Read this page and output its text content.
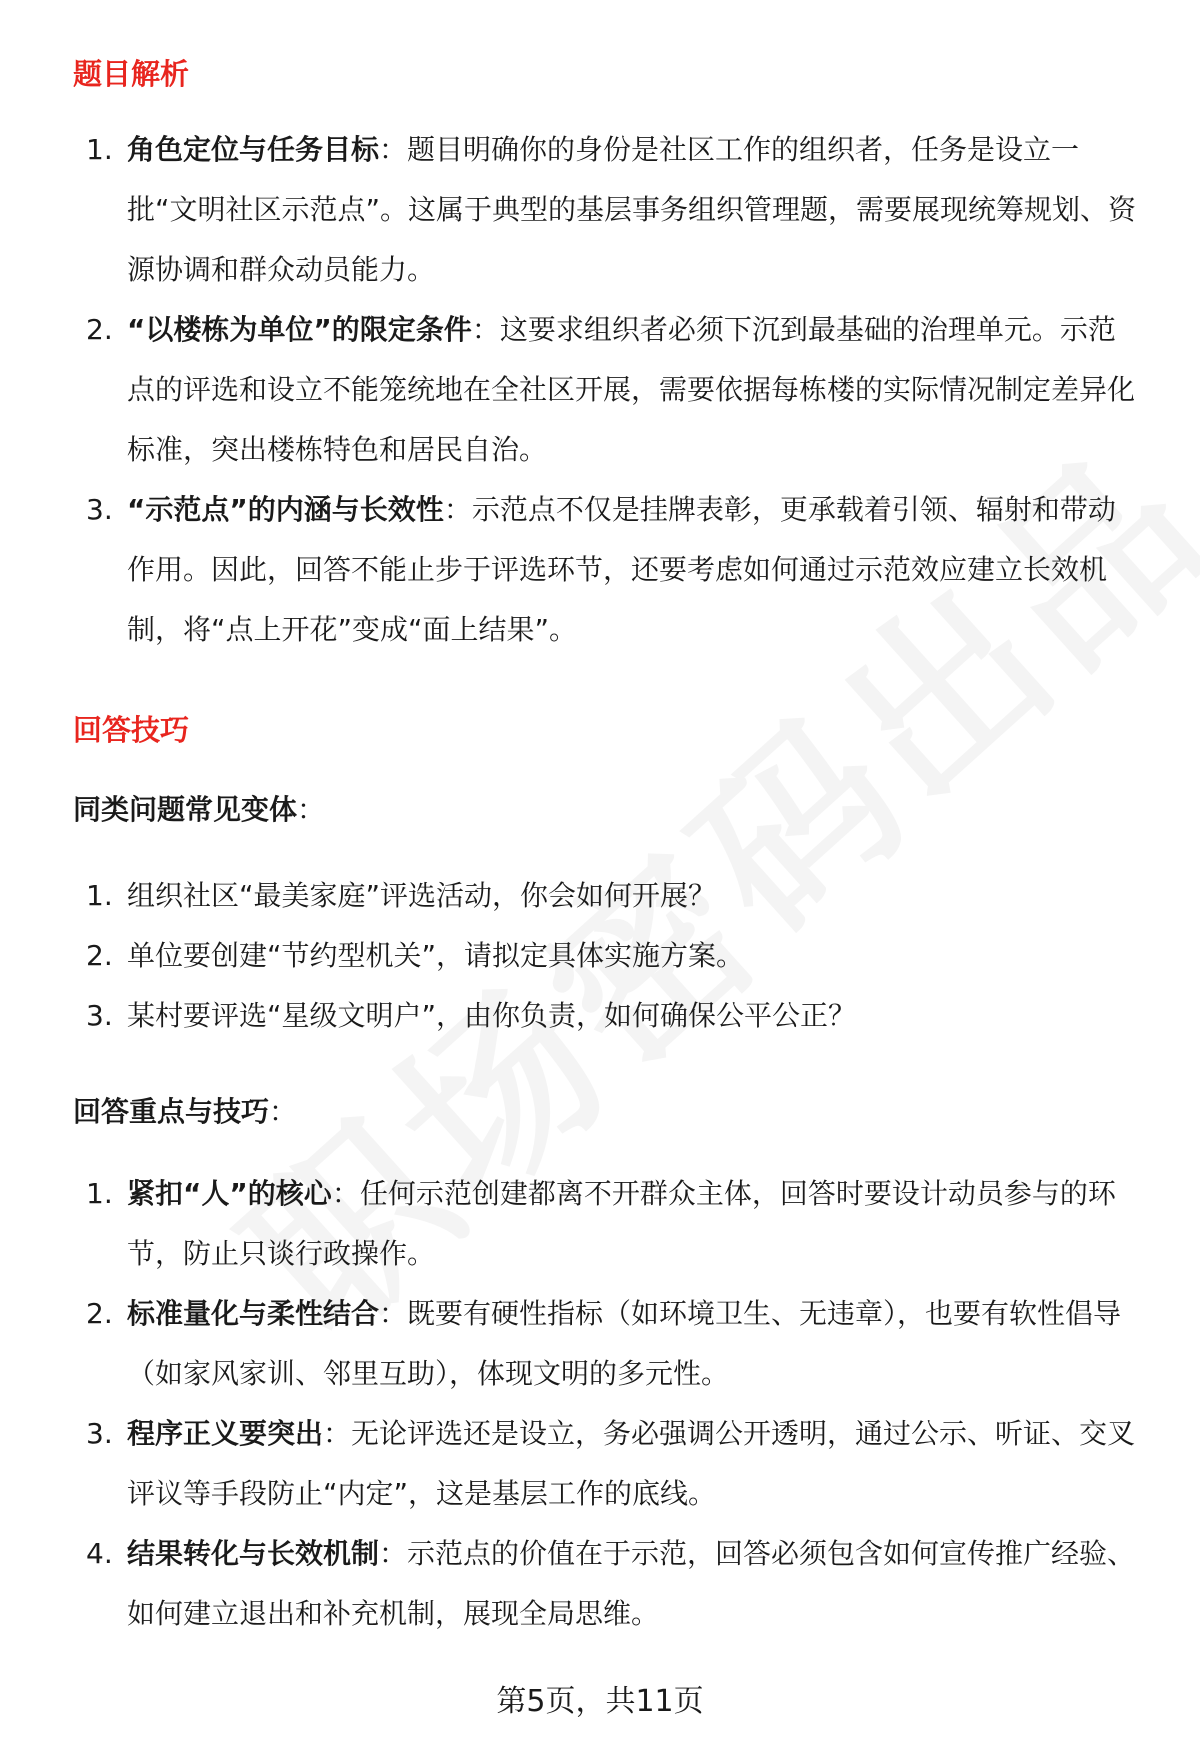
题目解析
1. 角色定位与任务目标：题目明确你的身份是社区工作的组织者，任务是设立一批“文明社区示范点”。这属于典型的基层事务组织管理题，需要展现统筹规划、资源协调和群众动员能力。
2. “以楼栋为单位”的限定条件：这要求组织者必须下沉到最基础的治理单元。示范点的评选和设立不能笼统地在全社区开展，需要依据每栋楼的实际情况制定差异化标准，突出楼栋特色和居民自治。
3. “示范点”的内涵与长效性：示范点不仅是挂牌表彰，更承载着引领、辐射和带动作用。因此，回答不能止步于评选环节，还要考虑如何通过示范效应建立长效机制，将“点上开花”变成“面上结果”。
回答技巧
同类问题常见变体：
1. 组织社区“最美家庭”评选活动，你会如何开展？
2. 单位要创建“节约型机关”，请拟定具体实施方案。
3. 某村要评选“星级文明户”，由你负责，如何确保公平公正？
回答重点与技巧：
1. 紧扣“人”的核心：任何示范创建都离不开群众主体，回答时要设计动员参与的环节，防止只谈行政操作。
2. 标准量化与柔性结合：既要有硬性指标（如环境卫生、无违章），也要有软性倡导（如家风家训、邻里互助），体现文明的多元性。
3. 程序正义要突出：无论评选还是设立，务必强调公开透明，通过公示、听证、交叉评议等手段防止“内定”，这是基层工作的底线。
4. 结果转化与长效机制：示范点的价值在于示范，回答必须包含如何宣传推广经验、如何建立退出和补充机制，展现全局思维。
第5页，共11页
